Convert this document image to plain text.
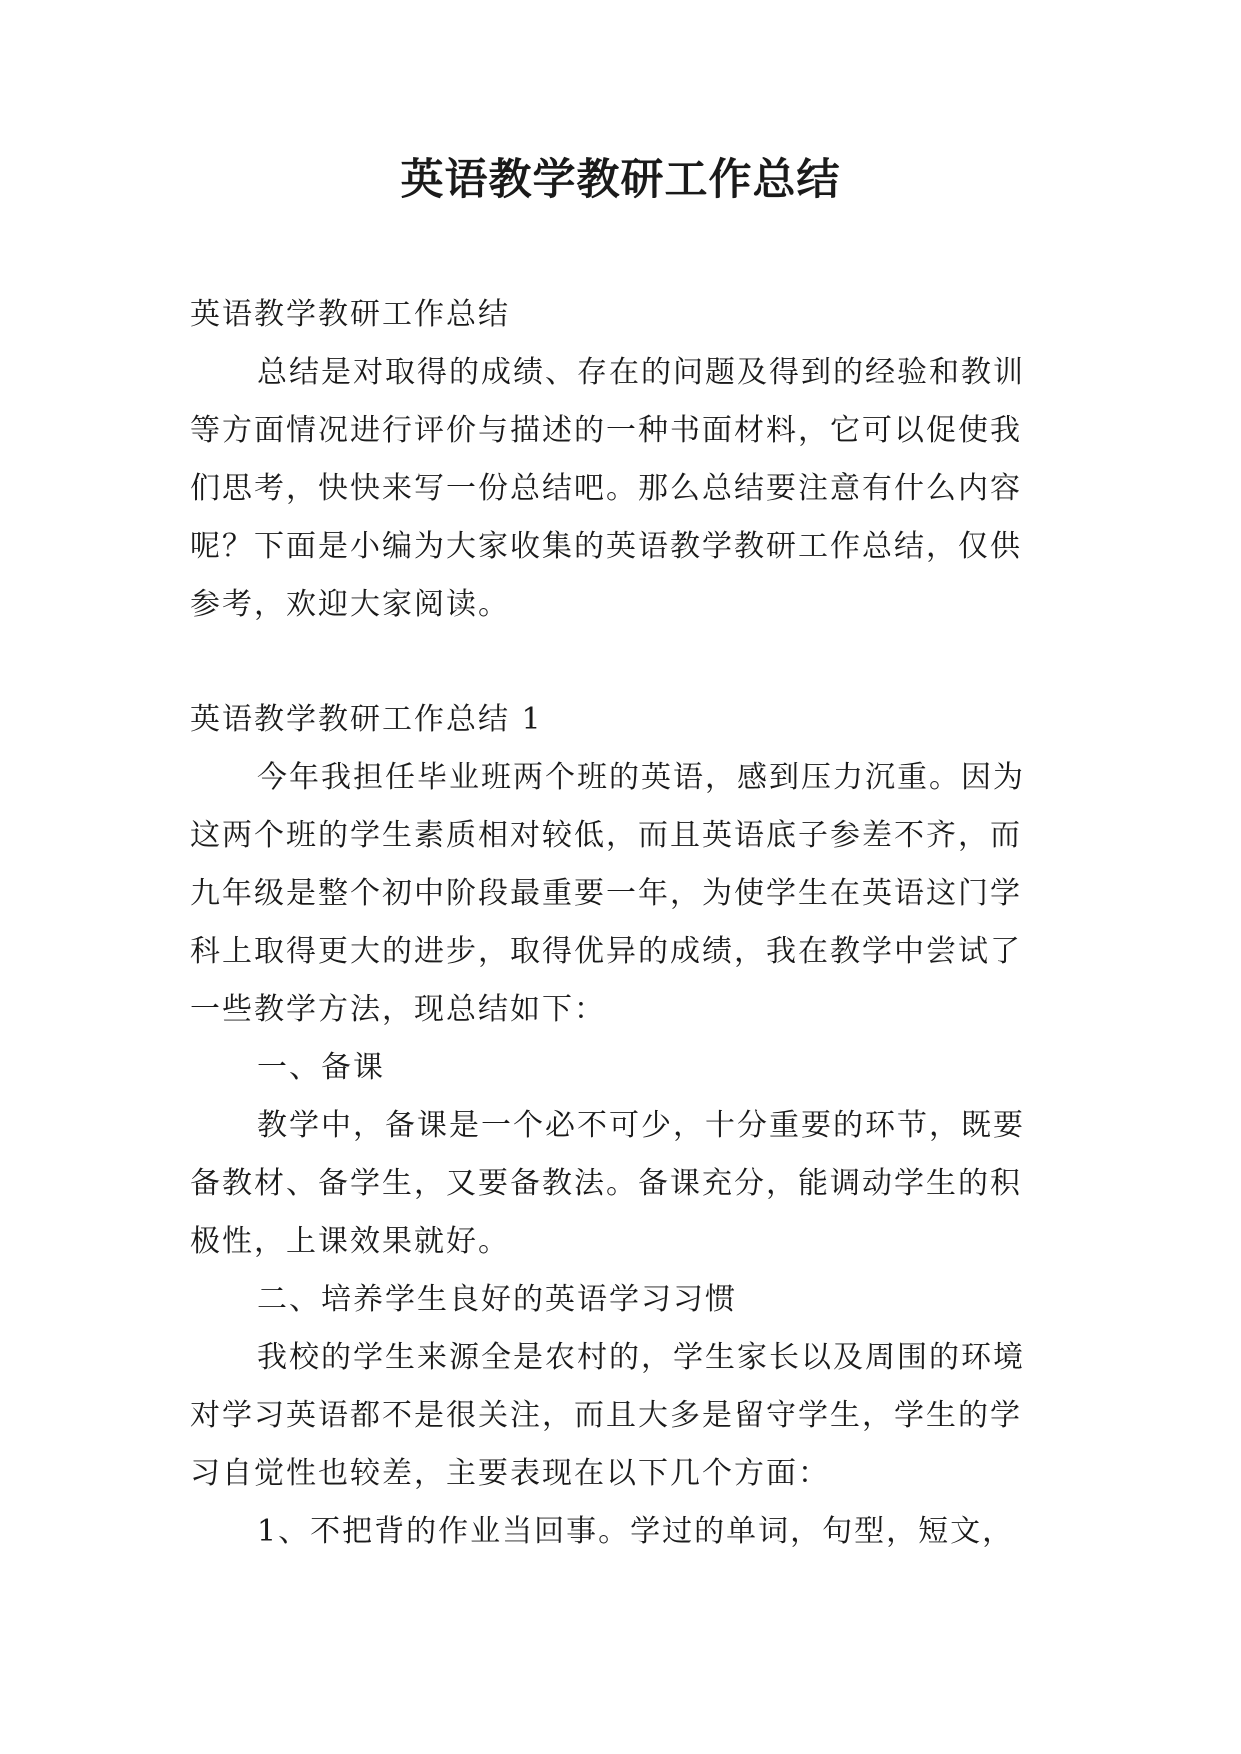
英语教学教研工作总结

英语教学教研工作总结

总结是对取得的成绩、存在的问题及得到的经验和教训

等方面情况进行评价与描述的一种书面材料，它可以促使我

们思考，快快来写一份总结吧。那么总结要注意有什么内容

呢？下面是小编为大家收集的英语教学教研工作总结，仅供

参考，欢迎大家阅读。

英语教学教研工作总结 1

今年我担任毕业班两个班的英语，感到压力沉重。因为

这两个班的学生素质相对较低，而且英语底子参差不齐，而

九年级是整个初中阶段最重要一年，为使学生在英语这门学

科上取得更大的进步，取得优异的成绩，我在教学中尝试了

一些教学方法，现总结如下：

一、备课

教学中，备课是一个必不可少，十分重要的环节，既要

备教材、备学生，又要备教法。备课充分，能调动学生的积

极性，上课效果就好。

二、培养学生良好的英语学习习惯

我校的学生来源全是农村的，学生家长以及周围的环境

对学习英语都不是很关注，而且大多是留守学生，学生的学

习自觉性也较差，主要表现在以下几个方面：

1、不把背的作业当回事。学过的单词，句型，短文，
